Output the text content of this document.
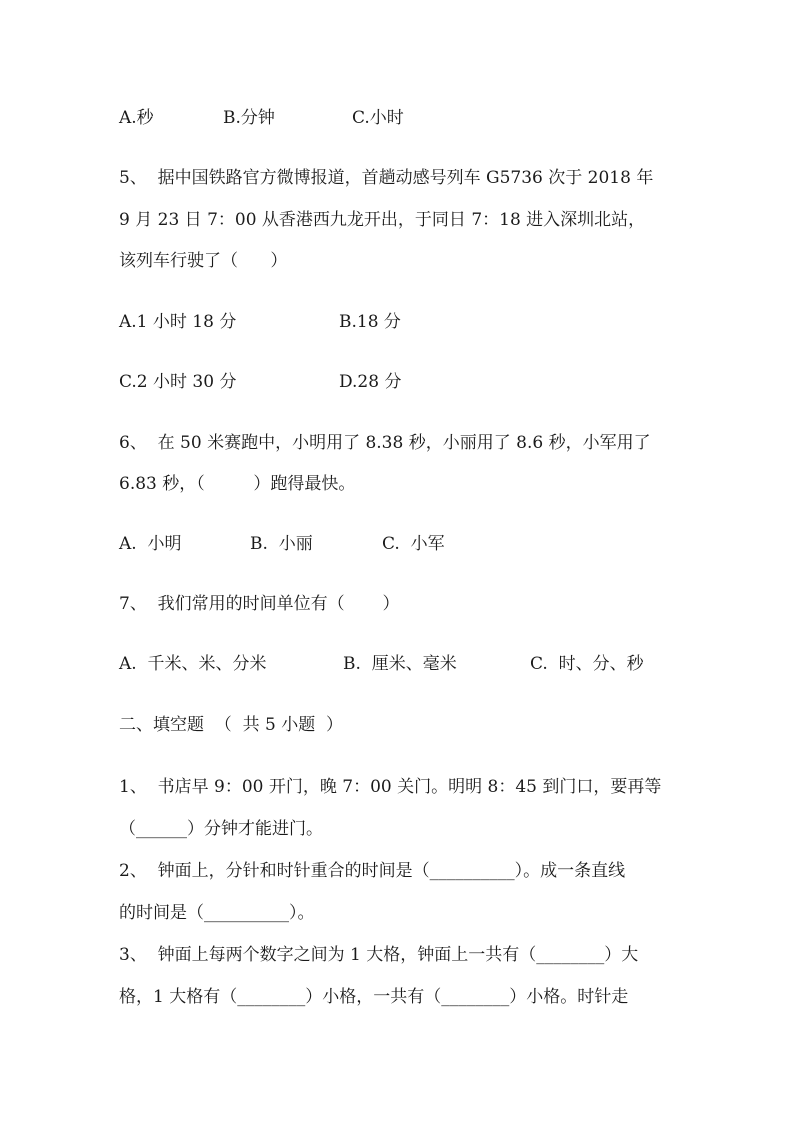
A.秒	B.分钟	C.小时
5、  据中国铁路官方微博报道，首趟动感号列车 G5736 次于 2018 年
9 月 23 日 7：00 从香港西九龙开出，于同日 7：18 进入深圳北站，
该列车行驶了（      ）
A.1 小时 18 分	B.18 分
C.2 小时 30 分	D.28 分
6、  在 50 米赛跑中，小明用了 8.38 秒，小丽用了 8.6 秒，小军用了
6.83 秒，（         ）跑得最快。
A.  小明	B.  小丽	C.  小军
7、  我们常用的时间单位有（       ）
A.  千米、米、分米	B.  厘米、毫米	C.  时、分、秒
二、填空题  （  共 5 小题  ）
1、  书店早 9：00 开门，晚 7：00 关门。明明 8：45 到门口，要再等
（______）分钟才能进门。
2、  钟面上，分针和时针重合的时间是（__________）。成一条直线
的时间是（__________）。
3、  钟面上每两个数字之间为 1 大格，钟面上一共有（________）大
格，1 大格有（________）小格，一共有（________）小格。时针走
